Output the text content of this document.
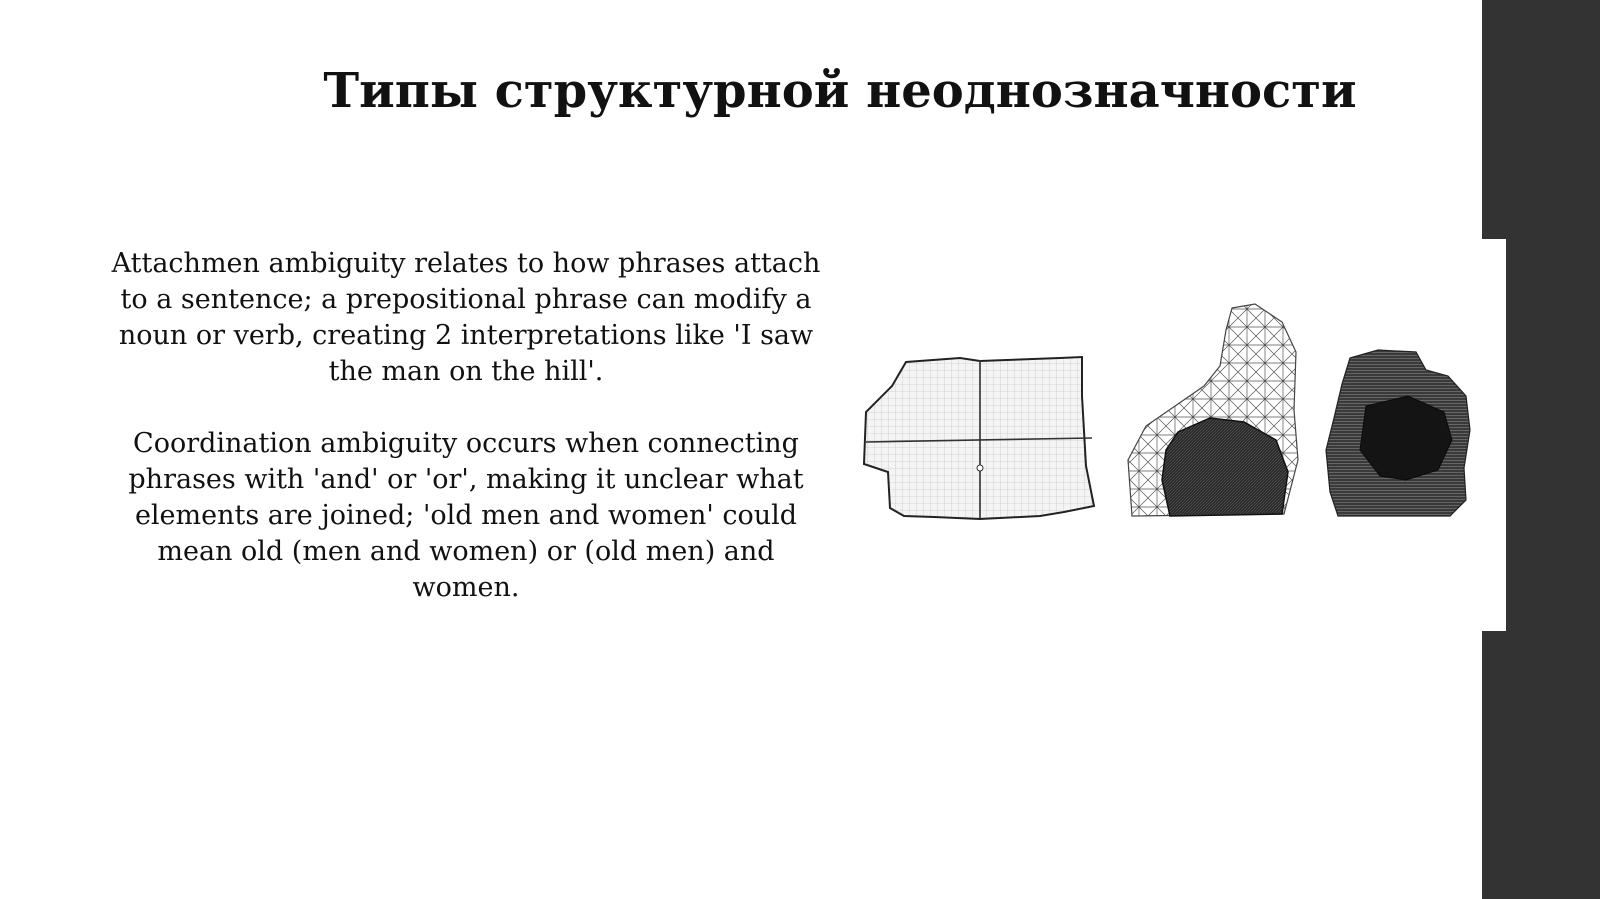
Типы структурной неоднозначности

Attachmen ambiguity relates to how phrases attach to a sentence; a prepositional phrase can modify a noun or verb, creating 2 interpretations like 'I saw the man on the hill'.

Coordination ambiguity occurs when connecting phrases with 'and' or 'or', making it unclear what elements are joined; 'old men and women' could mean old (men and women) or (old men) and women.
